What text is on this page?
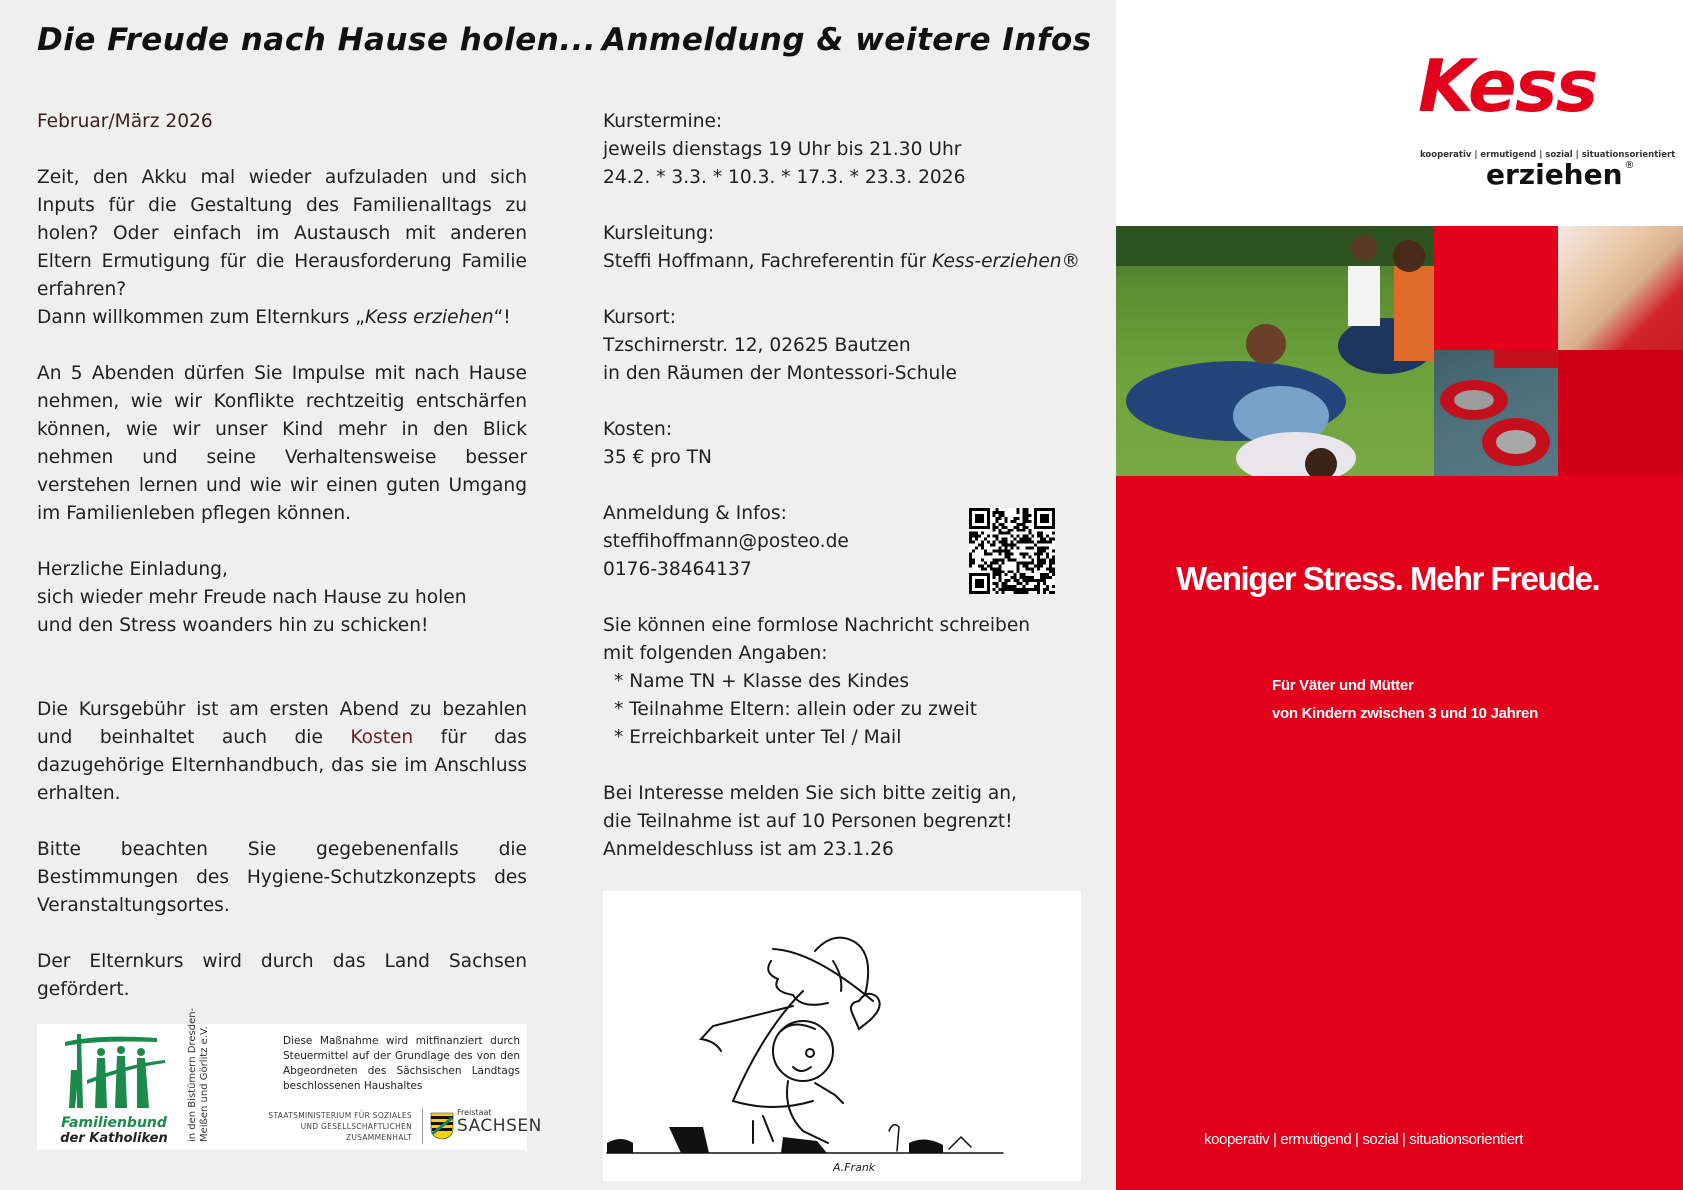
Die Freude nach Hause holen...

Februar/März 2026

Zeit, den Akku mal wieder aufzuladen und sich Inputs für die Gestaltung des Familienalltags zu holen? Oder einfach im Austausch mit anderen Eltern Ermutigung für die Herausforderung Familie erfahren?

Dann willkommen zum Elternkurs „Kess erziehen“!

An 5 Abenden dürfen Sie Impulse mit nach Hause nehmen, wie wir Konflikte rechtzeitig entschärfen können, wie wir unser Kind mehr in den Blick nehmen und seine Verhaltensweise besser verstehen lernen und wie wir einen guten Umgang im Familienleben pflegen können.

Herzliche Einladung,

sich wieder mehr Freude nach Hause zu holen

und den Stress woanders hin zu schicken!

Die Kursgebühr ist am ersten Abend zu bezahlen und beinhaltet auch die Kosten für das dazugehörige Elternhandbuch, das sie im Anschluss erhalten.

Bitte beachten Sie gegebenenfalls die Bestimmungen des Hygiene-Schutzkonzepts des Veranstaltungsortes.

Der Elternkurs wird durch das Land Sachsen gefördert.

Familienbund
der Katholiken	in den Bistümern Dresden- Meißen und Görlitz e.V.	Diese Maßnahme wird mitfinanziert durch Steuermittel auf der Grundlage des von den Abgeordneten des Sächsischen Landtags beschlossenen Haushaltes
STAATSMINISTERIUM FÜR SOZIALES
UND GESELLSCHAFTLICHEN
ZUSAMMENHALT
Freistaat
SACHSEN
Anmeldung & weitere Infos

Kurstermine:

jeweils dienstags 19 Uhr bis 21.30 Uhr

24.2. * 3.3. * 10.3. * 17.3. * 23.3. 2026

Kursleitung:

Steffi Hoffmann, Fachreferentin für Kess-erziehen®

Kursort:

Tzschirnerstr. 12, 02625 Bautzen

in den Räumen der Montessori-Schule

Kosten:

35 € pro TN

Anmeldung & Infos:

steffihoffmann@posteo.de

0176-38464137

Sie können eine formlose Nachricht schreiben

mit folgenden Angaben:

* Name TN + Klasse des Kindes

* Teilnahme Eltern: allein oder zu zweit

* Erreichbarkeit unter Tel / Mail

Bei Interesse melden Sie sich bitte zeitig an,

die Teilnahme ist auf 10 Personen begrenzt!

Anmeldeschluss ist am 23.1.26

A.Frank
Kess
kooperativ | ermutigend | sozial | situationsorientiert
erziehen ®
Weniger Stress. Mehr Freude.
Für Väter und Mütter
von Kindern zwischen 3 und 10 Jahren
kooperativ | ermutigend | sozial | situationsorientiert
